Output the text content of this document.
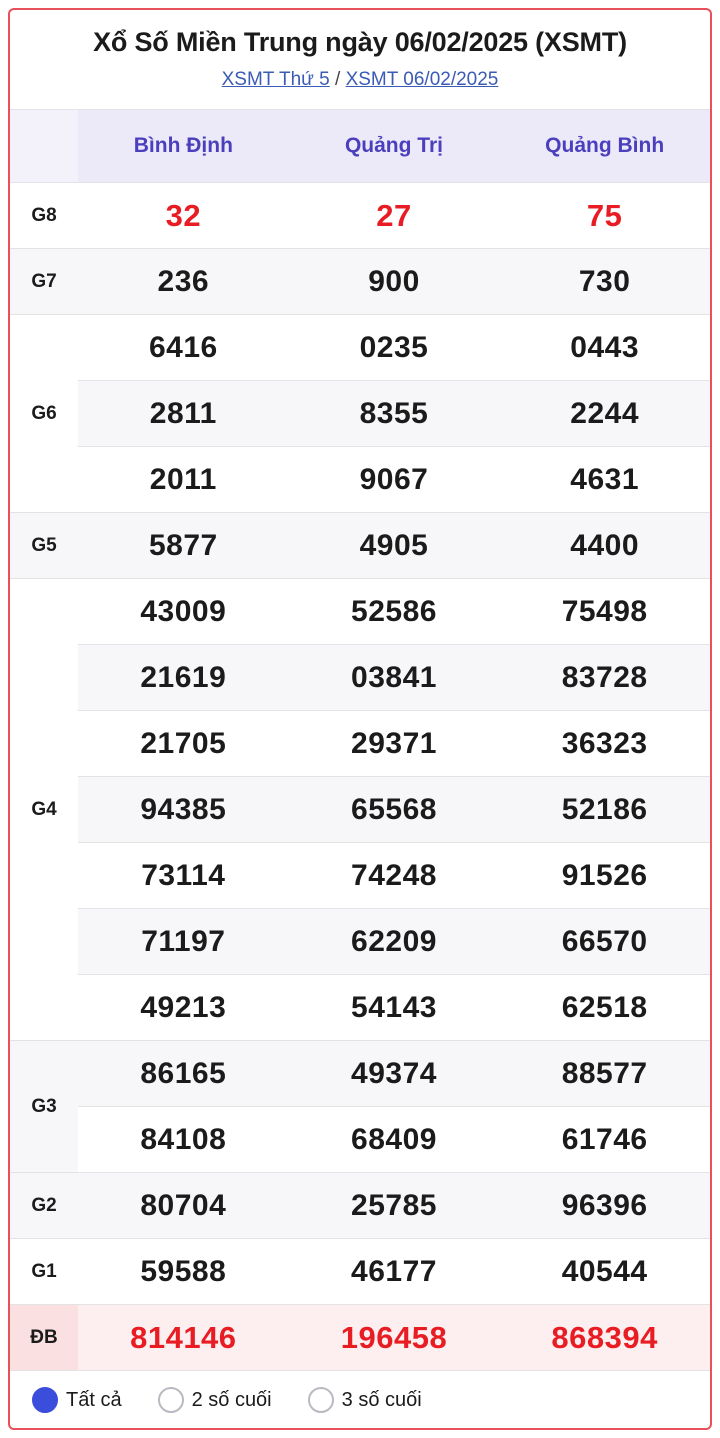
Xổ Số Miền Trung ngày 06/02/2025 (XSMT)
XSMT Thứ 5 / XSMT 06/02/2025
	Bình Định	Quảng Trị	Quảng Bình
G8	32	27	75
G7	236	900	730
G6	6416	0235	0443
	2811	8355	2244
	2011	9067	4631
G5	5877	4905	4400
G4	43009	52586	75498
	21619	03841	83728
	21705	29371	36323
	94385	65568	52186
	73114	74248	91526
	71197	62209	66570
	49213	54143	62518
G3	86165	49374	88577
	84108	68409	61746
G2	80704	25785	96396
G1	59588	46177	40544
ĐB	814146	196458	868394
Tất cả	2 số cuối	3 số cuối
